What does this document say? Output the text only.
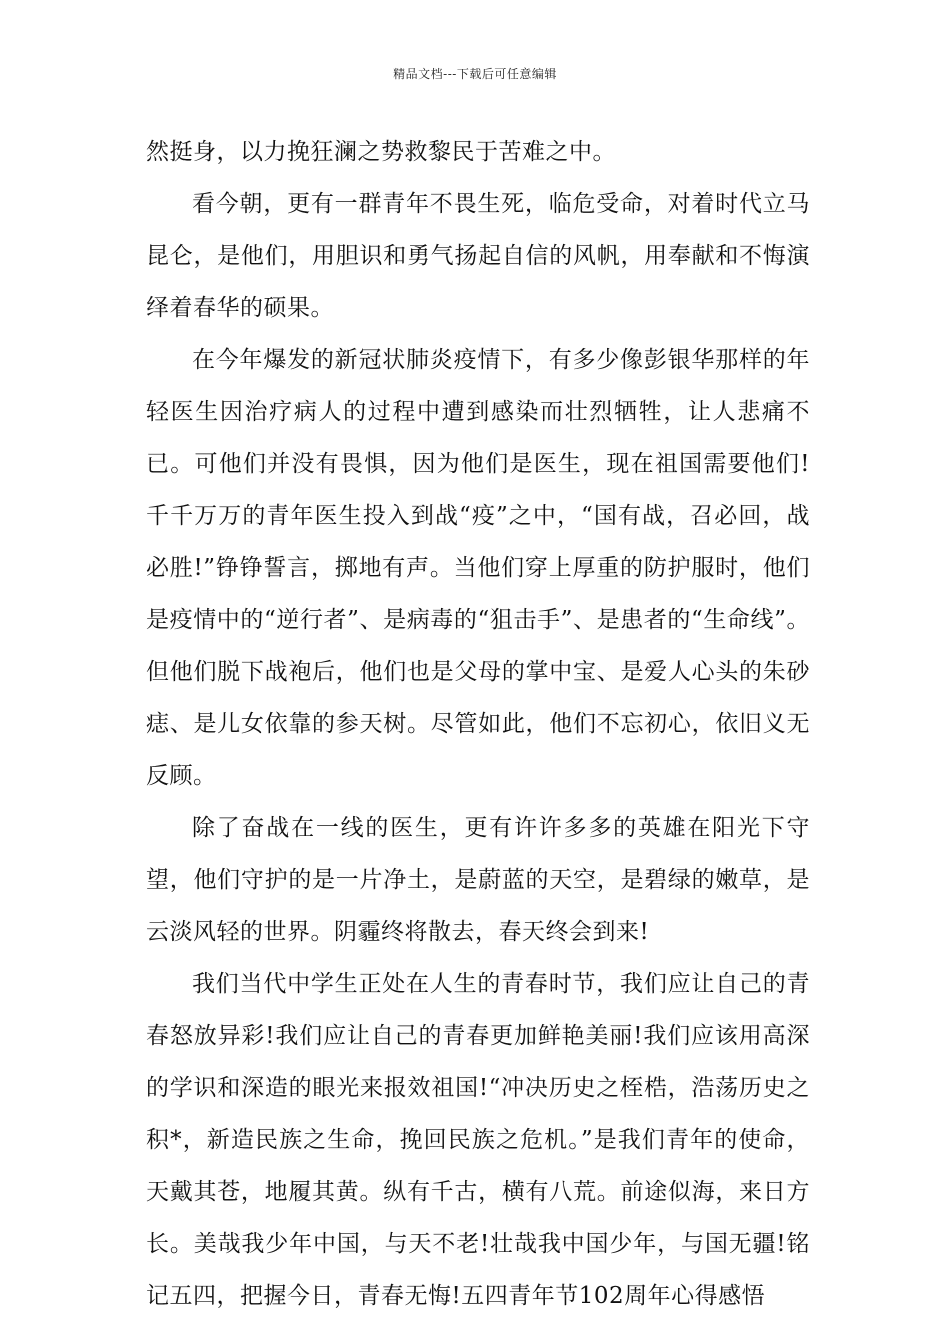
精品文档---下载后可任意编辑

然挺身，以力挽狂澜之势救黎民于苦难之中。

看今朝，更有一群青年不畏生死，临危受命，对着时代立马昆仑，是他们，用胆识和勇气扬起自信的风帆，用奉献和不悔演绎着春华的硕果。

在今年爆发的新冠状肺炎疫情下，有多少像彭银华那样的年轻医生因治疗病人的过程中遭到感染而壮烈牺牲，让人悲痛不已。可他们并没有畏惧，因为他们是医生，现在祖国需要他们!千千万万的青年医生投入到战“疫”之中，“国有战，召必回，战必胜!”铮铮誓言，掷地有声。当他们穿上厚重的防护服时，他们是疫情中的“逆行者”、是病毒的“狙击手”、是患者的“生命线”。但他们脱下战袍后，他们也是父母的掌中宝、是爱人心头的朱砂痣、是儿女依靠的参天树。尽管如此，他们不忘初心，依旧义无反顾。

除了奋战在一线的医生，更有许许多多的英雄在阳光下守望，他们守护的是一片净土，是蔚蓝的天空，是碧绿的嫩草，是云淡风轻的世界。阴霾终将散去，春天终会到来!

我们当代中学生正处在人生的青春时节，我们应让自己的青春怒放异彩!我们应让自己的青春更加鲜艳美丽!我们应该用高深的学识和深造的眼光来报效祖国!“冲决历史之桎梏，浩荡历史之积*，新造民族之生命，挽回民族之危机。”是我们青年的使命，天戴其苍，地履其黄。纵有千古，横有八荒。前途似海，来日方长。美哉我少年中国，与天不老!壮哉我中国少年，与国无疆!铭记五四，把握今日，青春无悔!五四青年节102周年心得感悟
